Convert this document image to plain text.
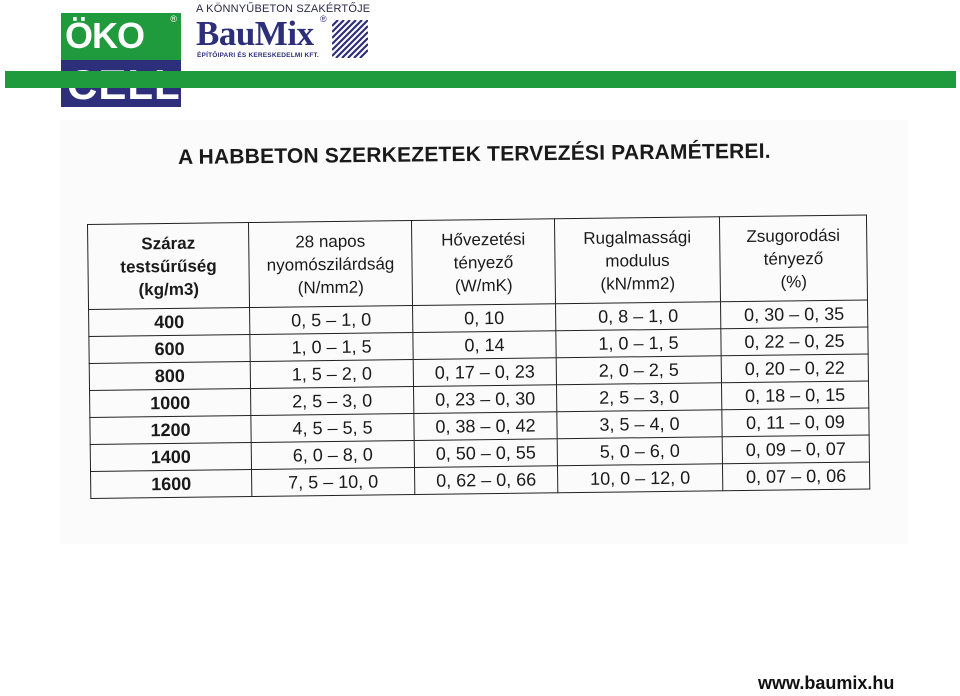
A KÖNNYŰBETON SZAKÉRTŐJE
ÖKO	® BauMix ®
ÉPÍTŐIPARI ÉS KERESKEDELMI KFT.
A HABBETON SZERKEZETEK TERVEZÉSI PARAMÉTEREI.
Száraz
testsűrűség
(kg/m3)	28 napos
nyomószilárdság
(N/mm2)	Hővezetési
tényező
(W/mK)	Rugalmassági
modulus
(kN/mm2)	Zsugorodási
tényező
(%)
400	0, 5 – 1, 0	0, 10	0, 8 – 1, 0	0, 30 – 0, 35
600	1, 0 – 1, 5	0, 14	1, 0 – 1, 5	0, 22 – 0, 25
800	1, 5 – 2, 0	0, 17 – 0, 23	2, 0 – 2, 5	0, 20 – 0, 22
1000	2, 5 – 3, 0	0, 23 – 0, 30	2, 5 – 3, 0	0, 18 – 0, 15
1200	4, 5 – 5, 5	0, 38 – 0, 42	3, 5 – 4, 0	0, 11 – 0, 09
1400	6, 0 – 8, 0	0, 50 – 0, 55	5, 0 – 6, 0	0, 09 – 0, 07
1600	7, 5 – 10, 0	0, 62 – 0, 66	10, 0 – 12, 0	0, 07 – 0, 06
www.baumix.hu
